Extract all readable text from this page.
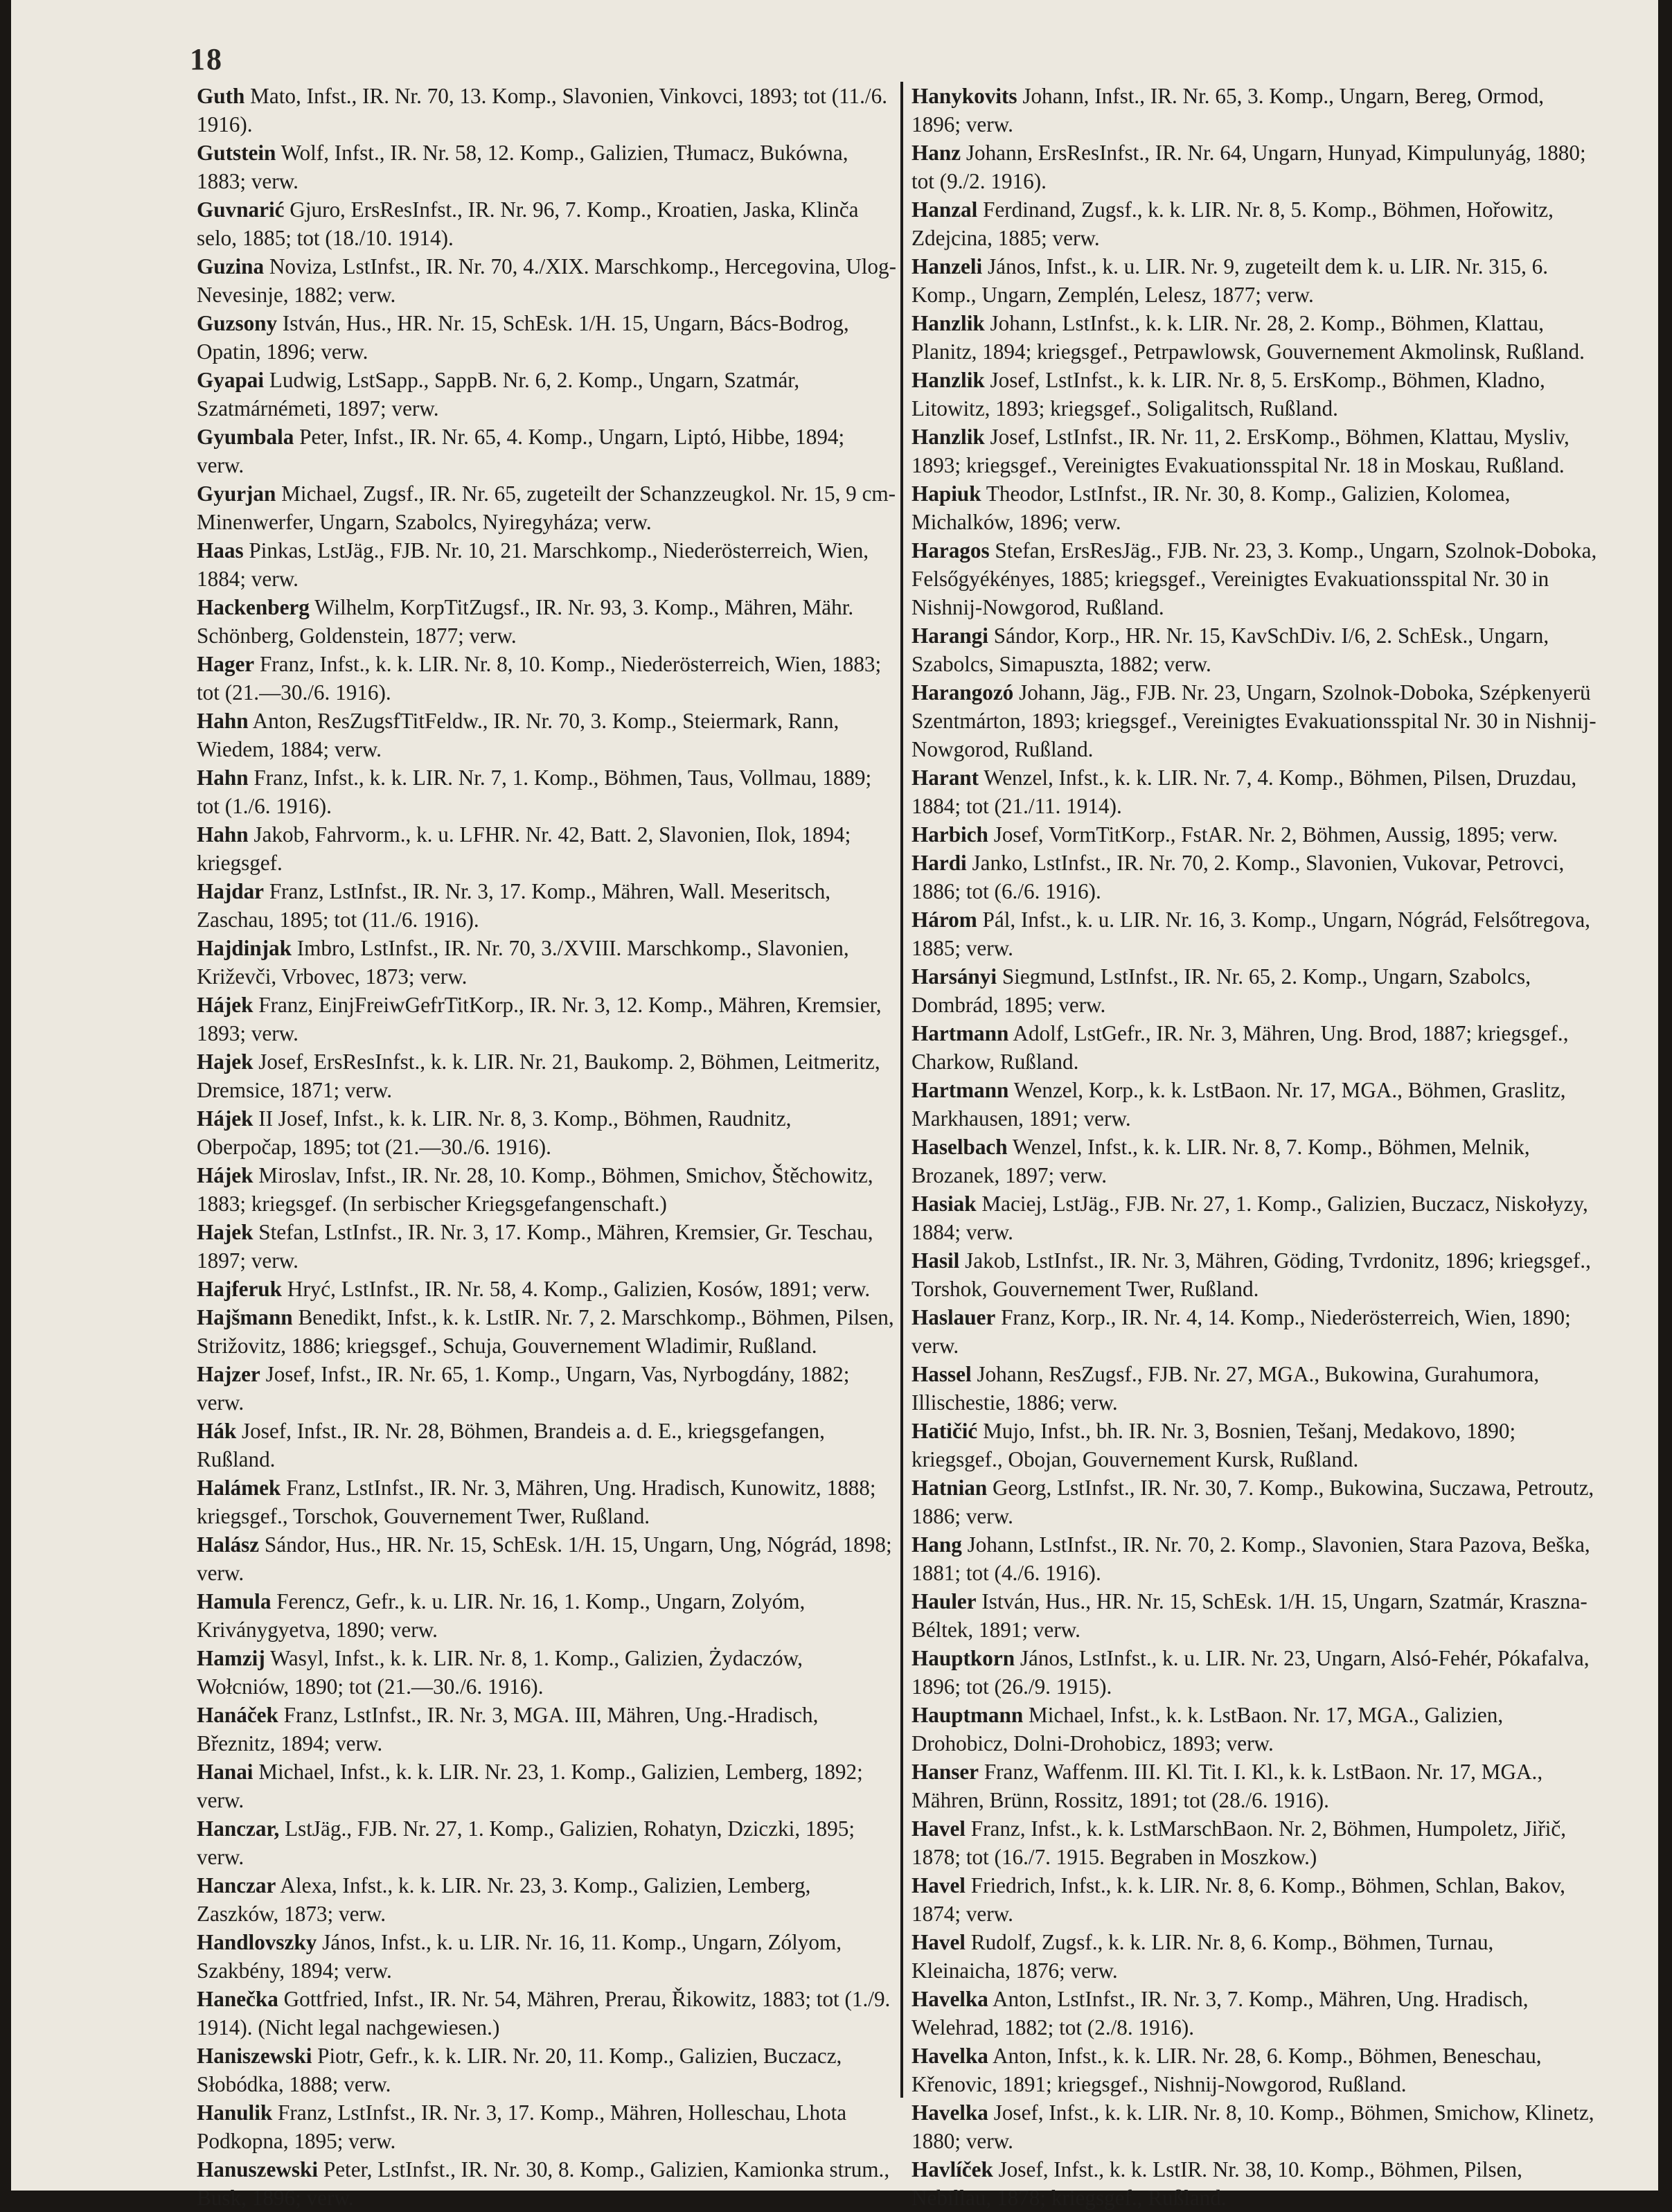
18

Guth Mato, Infst., IR. Nr. 70, 13. Komp., Slavonien, Vinkovci, 1893; tot (11./6. 1916).

Gutstein Wolf, Infst., IR. Nr. 58, 12. Komp., Galizien, Tłumacz, Bukówna, 1883; verw.

Guvnarić Gjuro, ErsResInfst., IR. Nr. 96, 7. Komp., Kroatien, Jaska, Klinča selo, 1885; tot (18./10. 1914).

Guzina Noviza, LstInfst., IR. Nr. 70, 4./XIX. Marschkomp., Hercegovina, Ulog-Nevesinje, 1882; verw.

Guzsony István, Hus., HR. Nr. 15, SchEsk. 1/H. 15, Ungarn, Bács-Bodrog, Opatin, 1896; verw.

Gyapai Ludwig, LstSapp., SappB. Nr. 6, 2. Komp., Ungarn, Szatmár, Szatmárnémeti, 1897; verw.

Gyumbala Peter, Infst., IR. Nr. 65, 4. Komp., Ungarn, Liptó, Hibbe, 1894; verw.

Gyurjan Michael, Zugsf., IR. Nr. 65, zugeteilt der Schanzzeugkol. Nr. 15, 9 cm-Minenwerfer, Ungarn, Szabolcs, Nyiregyháza; verw.

Haas Pinkas, LstJäg., FJB. Nr. 10, 21. Marschkomp., Niederösterreich, Wien, 1884; verw.

Hackenberg Wilhelm, KorpTitZugsf., IR. Nr. 93, 3. Komp., Mähren, Mähr. Schönberg, Goldenstein, 1877; verw.

Hager Franz, Infst., k. k. LIR. Nr. 8, 10. Komp., Niederösterreich, Wien, 1883; tot (21.—30./6. 1916).

Hahn Anton, ResZugsfTitFeldw., IR. Nr. 70, 3. Komp., Steiermark, Rann, Wiedem, 1884; verw.

Hahn Franz, Infst., k. k. LIR. Nr. 7, 1. Komp., Böhmen, Taus, Vollmau, 1889; tot (1./6. 1916).

Hahn Jakob, Fahrvorm., k. u. LFHR. Nr. 42, Batt. 2, Slavonien, Ilok, 1894; kriegsgef.

Hajdar Franz, LstInfst., IR. Nr. 3, 17. Komp., Mähren, Wall. Meseritsch, Zaschau, 1895; tot (11./6. 1916).

Hajdinjak Imbro, LstInfst., IR. Nr. 70, 3./XVIII. Marschkomp., Slavonien, Križevči, Vrbovec, 1873; verw.

Hájek Franz, EinjFreiwGefrTitKorp., IR. Nr. 3, 12. Komp., Mähren, Kremsier, 1893; verw.

Hajek Josef, ErsResInfst., k. k. LIR. Nr. 21, Baukomp. 2, Böhmen, Leitmeritz, Dremsice, 1871; verw.

Hájek II Josef, Infst., k. k. LIR. Nr. 8, 3. Komp., Böhmen, Raudnitz, Oberpočap, 1895; tot (21.—30./6. 1916).

Hájek Miroslav, Infst., IR. Nr. 28, 10. Komp., Böhmen, Smichov, Štěchowitz, 1883; kriegsgef. (In serbischer Kriegsgefangenschaft.)

Hajek Stefan, LstInfst., IR. Nr. 3, 17. Komp., Mähren, Kremsier, Gr. Teschau, 1897; verw.

Hajferuk Hryć, LstInfst., IR. Nr. 58, 4. Komp., Galizien, Kosów, 1891; verw.

Hajšmann Benedikt, Infst., k. k. LstIR. Nr. 7, 2. Marschkomp., Böhmen, Pilsen, Strižovitz, 1886; kriegsgef., Schuja, Gouvernement Wladimir, Rußland.

Hajzer Josef, Infst., IR. Nr. 65, 1. Komp., Ungarn, Vas, Nyrbogdány, 1882; verw.

Hák Josef, Infst., IR. Nr. 28, Böhmen, Brandeis a. d. E., kriegsgefangen, Rußland.

Halámek Franz, LstInfst., IR. Nr. 3, Mähren, Ung. Hradisch, Kunowitz, 1888; kriegsgef., Torschok, Gouvernement Twer, Rußland.

Halász Sándor, Hus., HR. Nr. 15, SchEsk. 1/H. 15, Ungarn, Ung, Nógrád, 1898; verw.

Hamula Ferencz, Gefr., k. u. LIR. Nr. 16, 1. Komp., Ungarn, Zolyóm, Kriványgyetva, 1890; verw.

Hamzij Wasyl, Infst., k. k. LIR. Nr. 8, 1. Komp., Galizien, Żydaczów, Wołcniów, 1890; tot (21.—30./6. 1916).

Hanáček Franz, LstInfst., IR. Nr. 3, MGA. III, Mähren, Ung.-Hradisch, Březnitz, 1894; verw.

Hanai Michael, Infst., k. k. LIR. Nr. 23, 1. Komp., Galizien, Lemberg, 1892; verw.

Hanczar, LstJäg., FJB. Nr. 27, 1. Komp., Galizien, Rohatyn, Dziczki, 1895; verw.

Hanczar Alexa, Infst., k. k. LIR. Nr. 23, 3. Komp., Galizien, Lemberg, Zaszków, 1873; verw.

Handlovszky János, Infst., k. u. LIR. Nr. 16, 11. Komp., Ungarn, Zólyom, Szakbény, 1894; verw.

Hanečka Gottfried, Infst., IR. Nr. 54, Mähren, Prerau, Řikowitz, 1883; tot (1./9. 1914). (Nicht legal nachgewiesen.)

Haniszewski Piotr, Gefr., k. k. LIR. Nr. 20, 11. Komp., Galizien, Buczacz, Słobódka, 1888; verw.

Hanulik Franz, LstInfst., IR. Nr. 3, 17. Komp., Mähren, Holleschau, Lhota Podkopna, 1895; verw.

Hanuszewski Peter, LstInfst., IR. Nr. 30, 8. Komp., Galizien, Kamionka strum., Busk, 1896; verw.

Hanykovits Johann, Infst., IR. Nr. 65, 3. Komp., Ungarn, Bereg, Ormod, 1896; verw.

Hanz Johann, ErsResInfst., IR. Nr. 64, Ungarn, Hunyad, Kimpulunyág, 1880; tot (9./2. 1916).

Hanzal Ferdinand, Zugsf., k. k. LIR. Nr. 8, 5. Komp., Böhmen, Hořowitz, Zdejcina, 1885; verw.

Hanzeli János, Infst., k. u. LIR. Nr. 9, zugeteilt dem k. u. LIR. Nr. 315, 6. Komp., Ungarn, Zemplén, Lelesz, 1877; verw.

Hanzlik Johann, LstInfst., k. k. LIR. Nr. 28, 2. Komp., Böhmen, Klattau, Planitz, 1894; kriegsgef., Petrpawlowsk, Gouvernement Akmolinsk, Rußland.

Hanzlik Josef, LstInfst., k. k. LIR. Nr. 8, 5. ErsKomp., Böhmen, Kladno, Litowitz, 1893; kriegsgef., Soligalitsch, Rußland.

Hanzlik Josef, LstInfst., IR. Nr. 11, 2. ErsKomp., Böhmen, Klattau, Mysliv, 1893; kriegsgef., Vereinigtes Evakuationsspital Nr. 18 in Moskau, Rußland.

Hapiuk Theodor, LstInfst., IR. Nr. 30, 8. Komp., Galizien, Kolomea, Michalków, 1896; verw.

Haragos Stefan, ErsResJäg., FJB. Nr. 23, 3. Komp., Ungarn, Szolnok-Doboka, Felsőgyékényes, 1885; kriegsgef., Vereinigtes Evakuationsspital Nr. 30 in Nishnij-Nowgorod, Rußland.

Harangi Sándor, Korp., HR. Nr. 15, KavSchDiv. I/6, 2. SchEsk., Ungarn, Szabolcs, Simapuszta, 1882; verw.

Harangozó Johann, Jäg., FJB. Nr. 23, Ungarn, Szolnok-Doboka, Szépkenyerü Szentmárton, 1893; kriegsgef., Vereinigtes Evakuationsspital Nr. 30 in Nishnij-Nowgorod, Rußland.

Harant Wenzel, Infst., k. k. LIR. Nr. 7, 4. Komp., Böhmen, Pilsen, Druzdau, 1884; tot (21./11. 1914).

Harbich Josef, VormTitKorp., FstAR. Nr. 2, Böhmen, Aussig, 1895; verw.

Hardi Janko, LstInfst., IR. Nr. 70, 2. Komp., Slavonien, Vukovar, Petrovci, 1886; tot (6./6. 1916).

Három Pál, Infst., k. u. LIR. Nr. 16, 3. Komp., Ungarn, Nógrád, Felsőtregova, 1885; verw.

Harsányi Siegmund, LstInfst., IR. Nr. 65, 2. Komp., Ungarn, Szabolcs, Dombrád, 1895; verw.

Hartmann Adolf, LstGefr., IR. Nr. 3, Mähren, Ung. Brod, 1887; kriegsgef., Charkow, Rußland.

Hartmann Wenzel, Korp., k. k. LstBaon. Nr. 17, MGA., Böhmen, Graslitz, Markhausen, 1891; verw.

Haselbach Wenzel, Infst., k. k. LIR. Nr. 8, 7. Komp., Böhmen, Melnik, Brozanek, 1897; verw.

Hasiak Maciej, LstJäg., FJB. Nr. 27, 1. Komp., Galizien, Buczacz, Niskołyzy, 1884; verw.

Hasil Jakob, LstInfst., IR. Nr. 3, Mähren, Göding, Tvrdonitz, 1896; kriegsgef., Torshok, Gouvernement Twer, Rußland.

Haslauer Franz, Korp., IR. Nr. 4, 14. Komp., Niederösterreich, Wien, 1890; verw.

Hassel Johann, ResZugsf., FJB. Nr. 27, MGA., Bukowina, Gurahumora, Illischestie, 1886; verw.

Hatičić Mujo, Infst., bh. IR. Nr. 3, Bosnien, Tešanj, Medakovo, 1890; kriegsgef., Obojan, Gouvernement Kursk, Rußland.

Hatnian Georg, LstInfst., IR. Nr. 30, 7. Komp., Bukowina, Suczawa, Petroutz, 1886; verw.

Hang Johann, LstInfst., IR. Nr. 70, 2. Komp., Slavonien, Stara Pazova, Beška, 1881; tot (4./6. 1916).

Hauler István, Hus., HR. Nr. 15, SchEsk. 1/H. 15, Ungarn, Szatmár, Kraszna-Béltek, 1891; verw.

Hauptkorn János, LstInfst., k. u. LIR. Nr. 23, Ungarn, Alsó-Fehér, Pókafalva, 1896; tot (26./9. 1915).

Hauptmann Michael, Infst., k. k. LstBaon. Nr. 17, MGA., Galizien, Drohobicz, Dolni-Drohobicz, 1893; verw.

Hanser Franz, Waffenm. III. Kl. Tit. I. Kl., k. k. LstBaon. Nr. 17, MGA., Mähren, Brünn, Rossitz, 1891; tot (28./6. 1916).

Havel Franz, Infst., k. k. LstMarschBaon. Nr. 2, Böhmen, Humpoletz, Jiřič, 1878; tot (16./7. 1915. Begraben in Moszkow.)

Havel Friedrich, Infst., k. k. LIR. Nr. 8, 6. Komp., Böhmen, Schlan, Bakov, 1874; verw.

Havel Rudolf, Zugsf., k. k. LIR. Nr. 8, 6. Komp., Böhmen, Turnau, Kleinaicha, 1876; verw.

Havelka Anton, LstInfst., IR. Nr. 3, 7. Komp., Mähren, Ung. Hradisch, Welehrad, 1882; tot (2./8. 1916).

Havelka Anton, Infst., k. k. LIR. Nr. 28, 6. Komp., Böhmen, Beneschau, Křenovic, 1891; kriegsgef., Nishnij-Nowgorod, Rußland.

Havelka Josef, Infst., k. k. LIR. Nr. 8, 10. Komp., Böhmen, Smichow, Klinetz, 1880; verw.

Havlíček Josef, Infst., k. k. LstIR. Nr. 38, 10. Komp., Böhmen, Pilsen, Nebillau, 1878; kriegsgef., Rußland.
